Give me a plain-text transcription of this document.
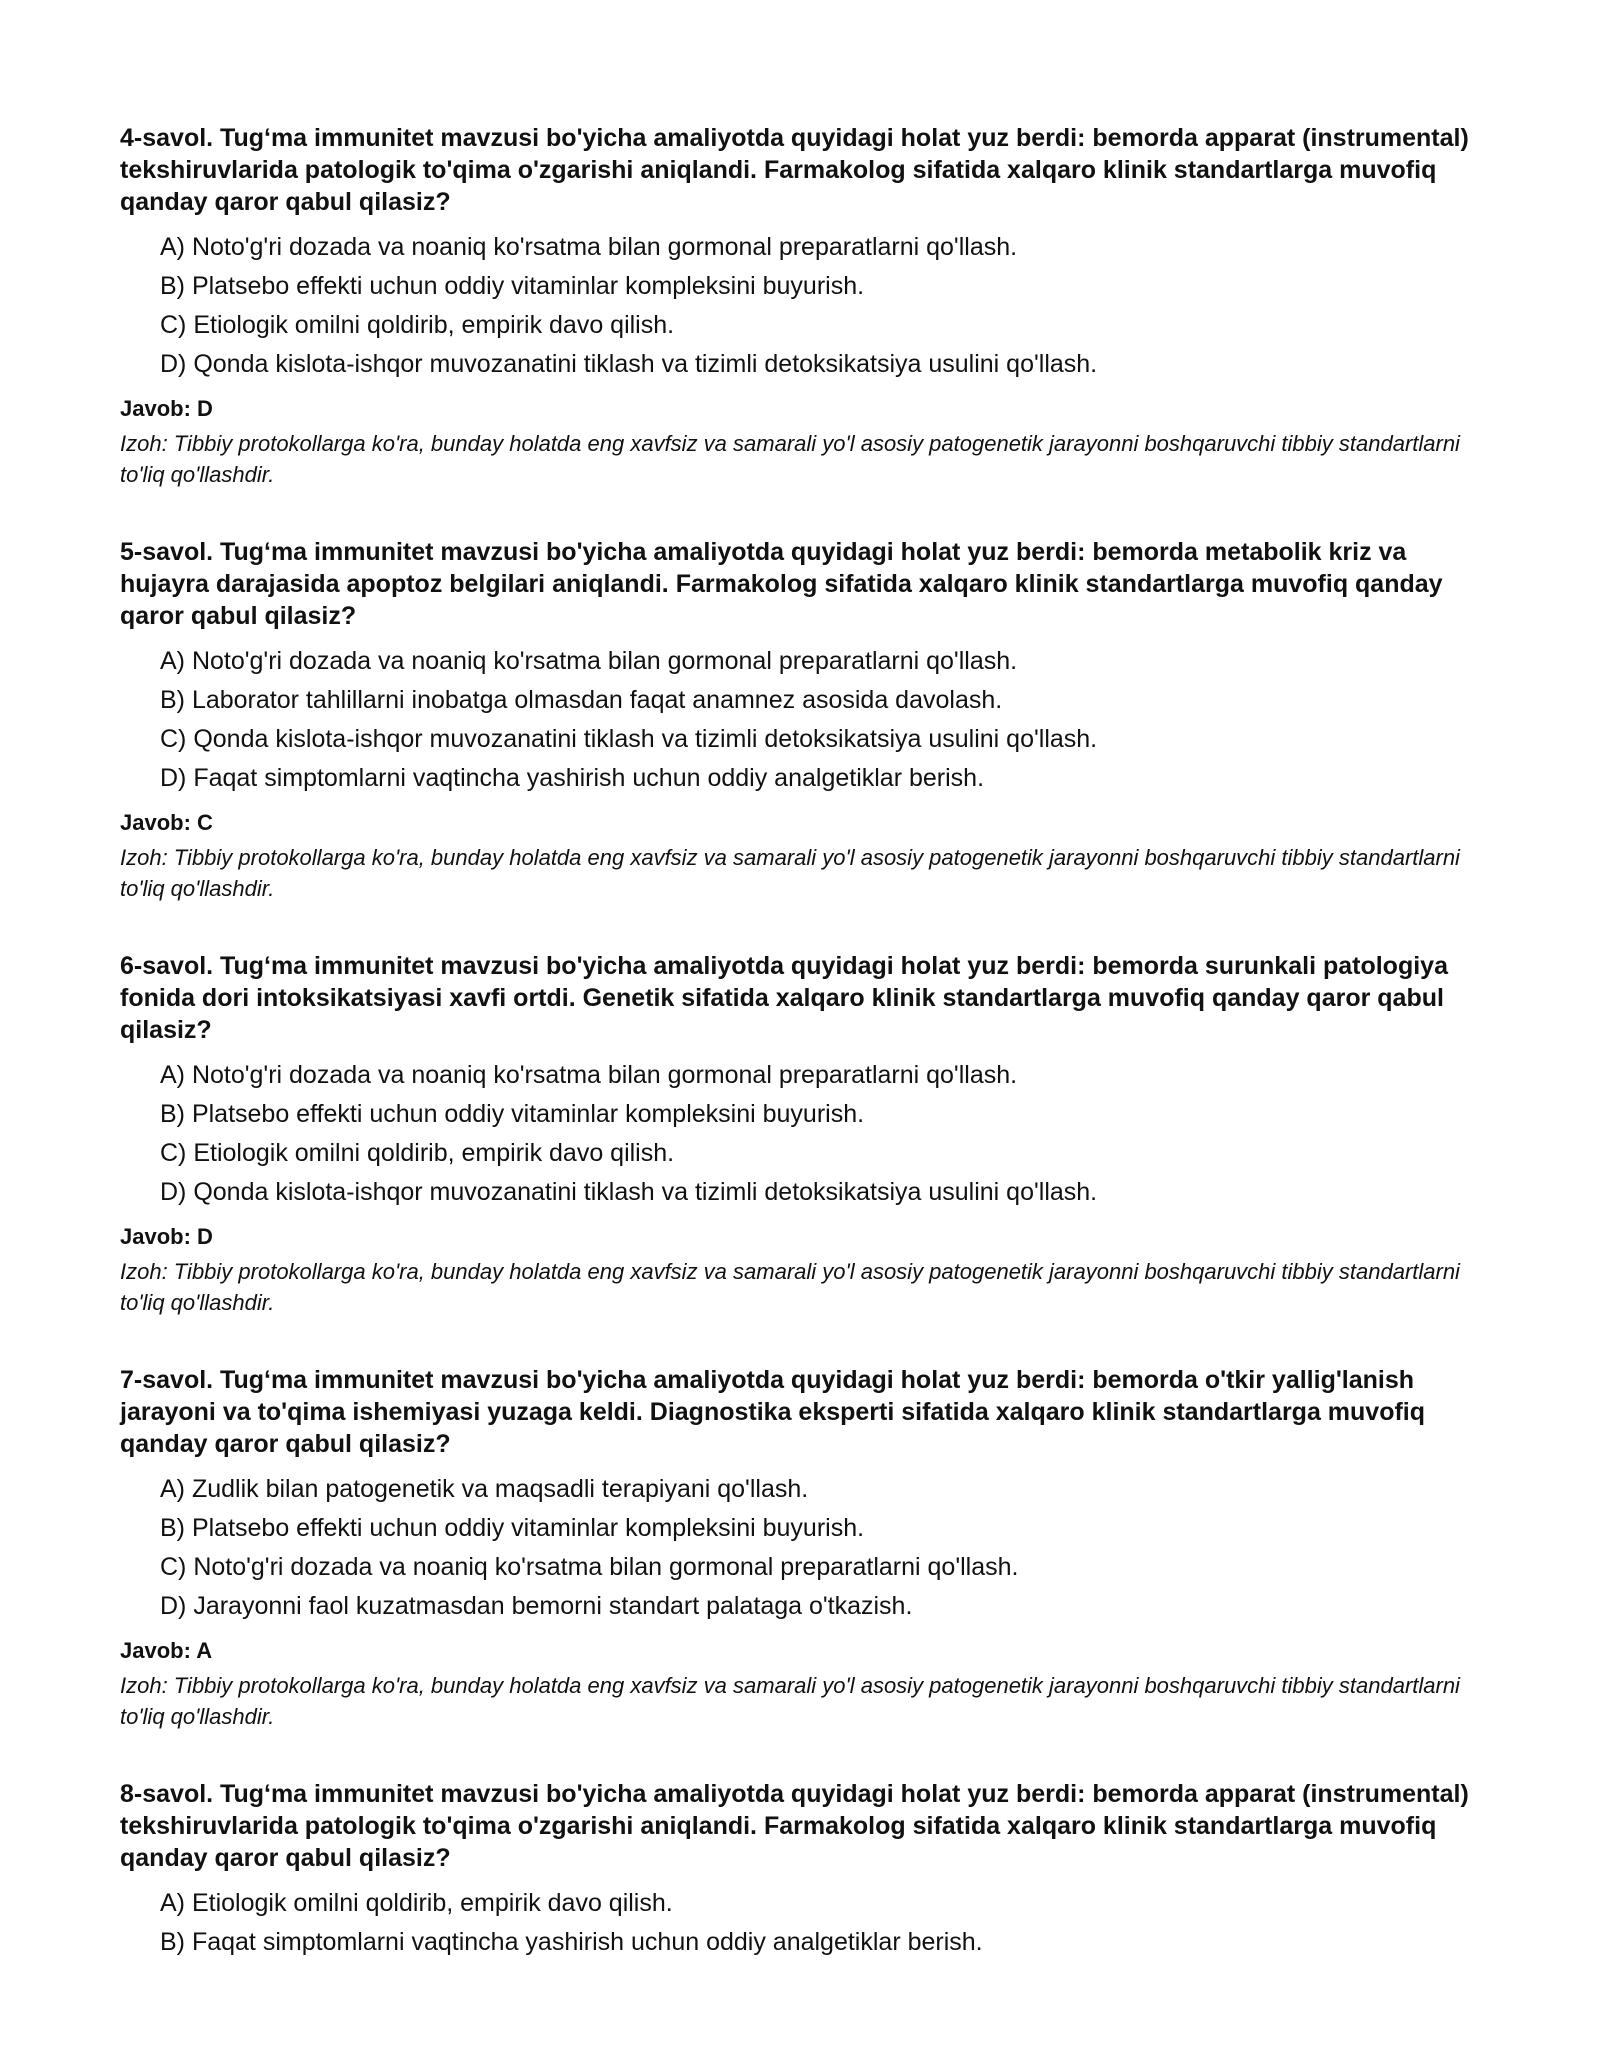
4-savol. Tug‘ma immunitet mavzusi bo'yicha amaliyotda quyidagi holat yuz berdi: bemorda apparat (instrumental) tekshiruvlarida patologik to'qima o'zgarishi aniqlandi. Farmakolog sifatida xalqaro klinik standartlarga muvofiq qanday qaror qabul qilasiz?

A) Noto'g'ri dozada va noaniq ko'rsatma bilan gormonal preparatlarni qo'llash.
B) Platsebo effekti uchun oddiy vitaminlar kompleksini buyurish.
C) Etiologik omilni qoldirib, empirik davo qilish.
D) Qonda kislota-ishqor muvozanatini tiklash va tizimli detoksikatsiya usulini qo'llash.

Javob: D

Izoh: Tibbiy protokollarga ko'ra, bunday holatda eng xavfsiz va samarali yo'l asosiy patogenetik jarayonni boshqaruvchi tibbiy standartlarni to'liq qo'llashdir.

5-savol. Tug‘ma immunitet mavzusi bo'yicha amaliyotda quyidagi holat yuz berdi: bemorda metabolik kriz va hujayra darajasida apoptoz belgilari aniqlandi. Farmakolog sifatida xalqaro klinik standartlarga muvofiq qanday qaror qabul qilasiz?

A) Noto'g'ri dozada va noaniq ko'rsatma bilan gormonal preparatlarni qo'llash.
B) Laborator tahlillarni inobatga olmasdan faqat anamnez asosida davolash.
C) Qonda kislota-ishqor muvozanatini tiklash va tizimli detoksikatsiya usulini qo'llash.
D) Faqat simptomlarni vaqtincha yashirish uchun oddiy analgetiklar berish.

Javob: C

Izoh: Tibbiy protokollarga ko'ra, bunday holatda eng xavfsiz va samarali yo'l asosiy patogenetik jarayonni boshqaruvchi tibbiy standartlarni to'liq qo'llashdir.

6-savol. Tug‘ma immunitet mavzusi bo'yicha amaliyotda quyidagi holat yuz berdi: bemorda surunkali patologiya fonida dori intoksikatsiyasi xavfi ortdi. Genetik sifatida xalqaro klinik standartlarga muvofiq qanday qaror qabul qilasiz?

A) Noto'g'ri dozada va noaniq ko'rsatma bilan gormonal preparatlarni qo'llash.
B) Platsebo effekti uchun oddiy vitaminlar kompleksini buyurish.
C) Etiologik omilni qoldirib, empirik davo qilish.
D) Qonda kislota-ishqor muvozanatini tiklash va tizimli detoksikatsiya usulini qo'llash.

Javob: D

Izoh: Tibbiy protokollarga ko'ra, bunday holatda eng xavfsiz va samarali yo'l asosiy patogenetik jarayonni boshqaruvchi tibbiy standartlarni to'liq qo'llashdir.

7-savol. Tug‘ma immunitet mavzusi bo'yicha amaliyotda quyidagi holat yuz berdi: bemorda o'tkir yallig'lanish jarayoni va to'qima ishemiyasi yuzaga keldi. Diagnostika eksperti sifatida xalqaro klinik standartlarga muvofiq qanday qaror qabul qilasiz?

A) Zudlik bilan patogenetik va maqsadli terapiyani qo'llash.
B) Platsebo effekti uchun oddiy vitaminlar kompleksini buyurish.
C) Noto'g'ri dozada va noaniq ko'rsatma bilan gormonal preparatlarni qo'llash.
D) Jarayonni faol kuzatmasdan bemorni standart palataga o'tkazish.

Javob: A

Izoh: Tibbiy protokollarga ko'ra, bunday holatda eng xavfsiz va samarali yo'l asosiy patogenetik jarayonni boshqaruvchi tibbiy standartlarni to'liq qo'llashdir.

8-savol. Tug‘ma immunitet mavzusi bo'yicha amaliyotda quyidagi holat yuz berdi: bemorda apparat (instrumental) tekshiruvlarida patologik to'qima o'zgarishi aniqlandi. Farmakolog sifatida xalqaro klinik standartlarga muvofiq qanday qaror qabul qilasiz?

A) Etiologik omilni qoldirib, empirik davo qilish.
B) Faqat simptomlarni vaqtincha yashirish uchun oddiy analgetiklar berish.
